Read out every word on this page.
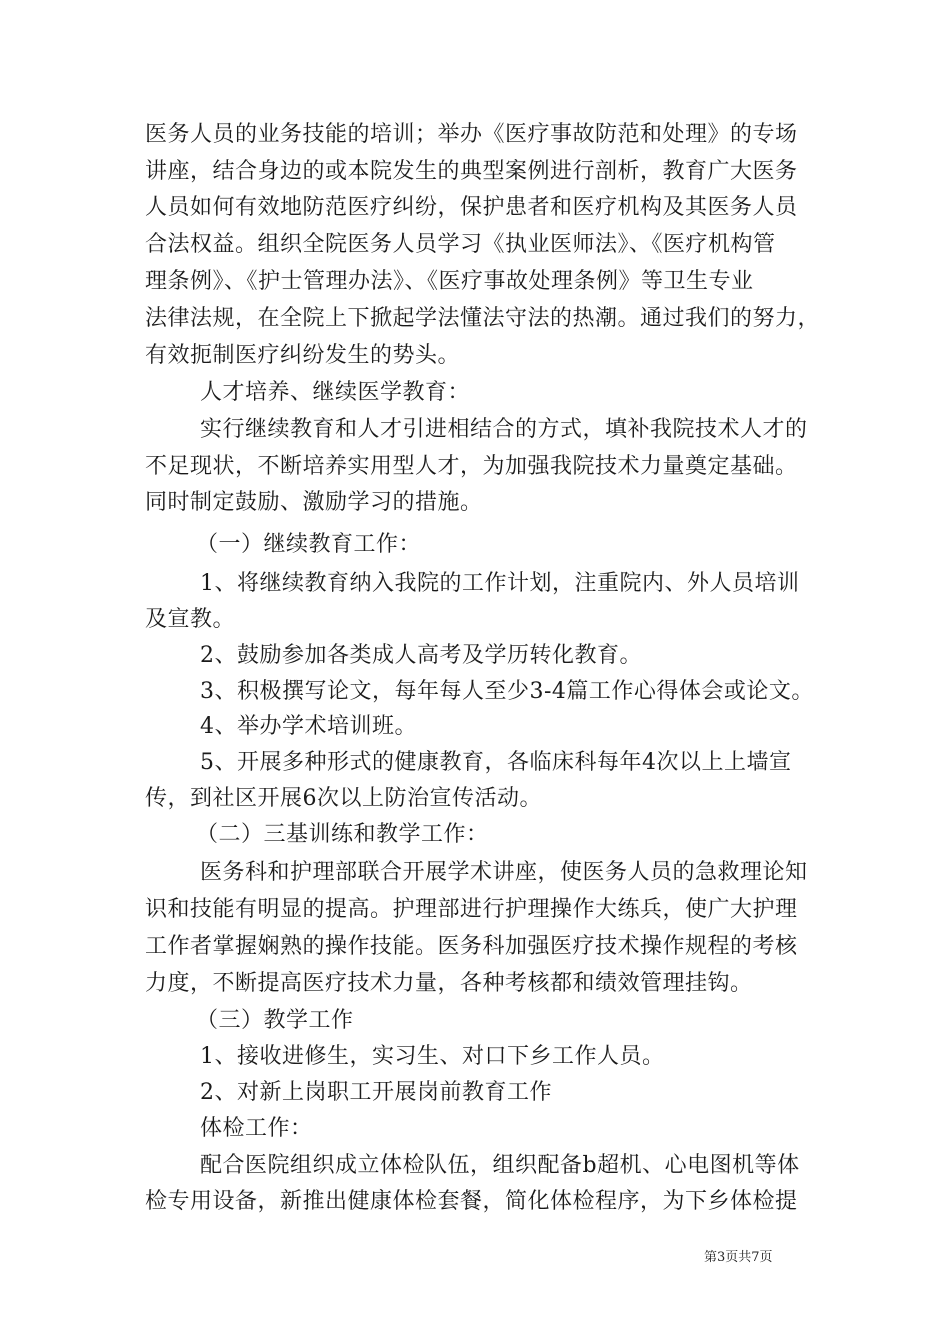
医务人员的业务技能的培训；举办《医疗事故防范和处理》的专场
讲座，结合身边的或本院发生的典型案例进行剖析，教育广大医务
人员如何有效地防范医疗纠纷，保护患者和医疗机构及其医务人员
合法权益。组织全院医务人员学习《执业医师法》、《医疗机构管
理条例》、《护士管理办法》、《医疗事故处理条例》等卫生专业
法律法规，在全院上下掀起学法懂法守法的热潮。通过我们的努力，
有效扼制医疗纠纷发生的势头。
人才培养、继续医学教育：
实行继续教育和人才引进相结合的方式，填补我院技术人才的
不足现状，不断培养实用型人才，为加强我院技术力量奠定基础。
同时制定鼓励、激励学习的措施。
（一）继续教育工作：
1、将继续教育纳入我院的工作计划，注重院内、外人员培训
及宣教。
2、鼓励参加各类成人高考及学历转化教育。
3、积极撰写论文，每年每人至少3-4篇工作心得体会或论文。
4、举办学术培训班。
5、开展多种形式的健康教育，各临床科每年4次以上上墙宣
传，到社区开展6次以上防治宣传活动。
（二）三基训练和教学工作：
医务科和护理部联合开展学术讲座，使医务人员的急救理论知
识和技能有明显的提高。护理部进行护理操作大练兵，使广大护理
工作者掌握娴熟的操作技能。医务科加强医疗技术操作规程的考核
力度，不断提高医疗技术力量，各种考核都和绩效管理挂钩。
（三）教学工作
1、接收进修生，实习生、对口下乡工作人员。
2、对新上岗职工开展岗前教育工作
体检工作：
配合医院组织成立体检队伍，组织配备b超机、心电图机等体
检专用设备，新推出健康体检套餐，简化体检程序，为下乡体检提
第3页共7页
